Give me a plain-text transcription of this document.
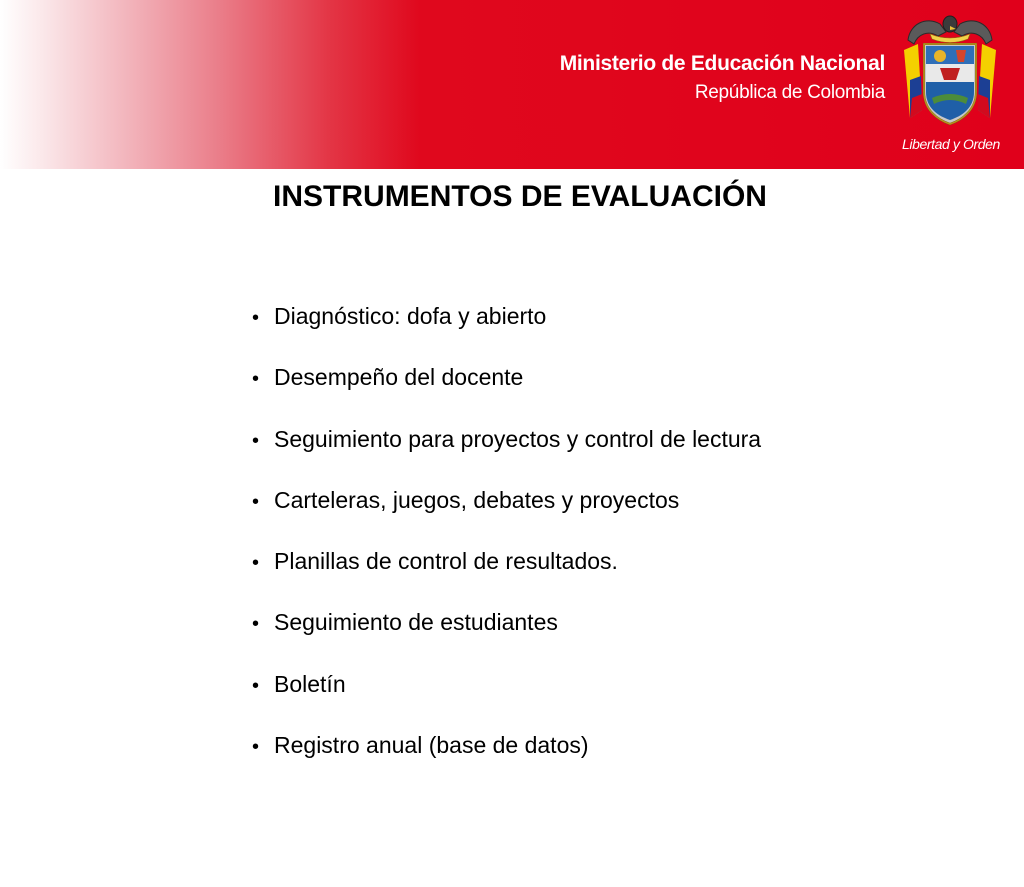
Ministerio de Educación Nacional
República de Colombia
Libertad y Orden
INSTRUMENTOS DE EVALUACIÓN
• Diagnóstico: dofa y abierto
• Desempeño del docente
• Seguimiento para proyectos y control de lectura
• Carteleras, juegos, debates y proyectos
• Planillas de control de resultados.
• Seguimiento de estudiantes
• Boletín
• Registro anual (base de datos)
